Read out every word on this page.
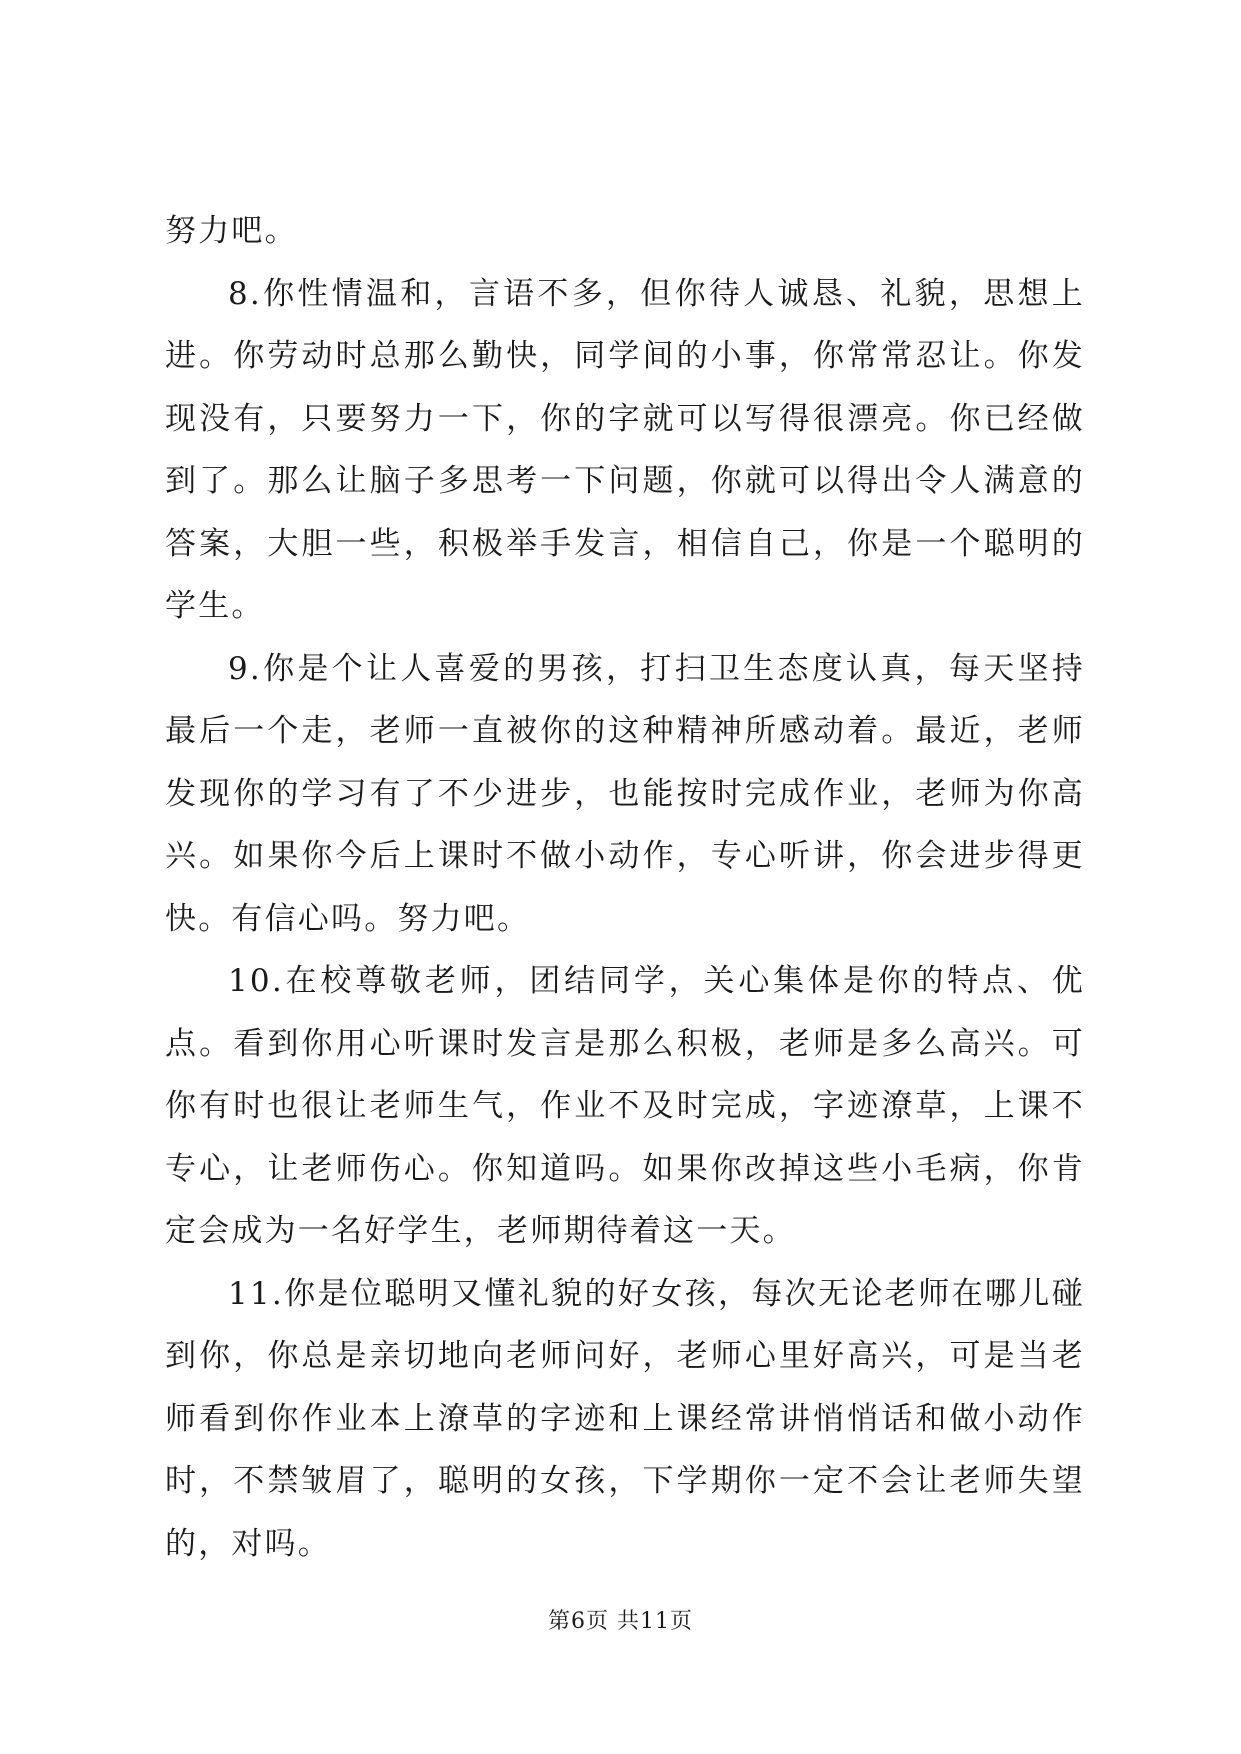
努力吧。

8.你性情温和，言语不多，但你待人诚恳、礼貌，思想上进。你劳动时总那么勤快，同学间的小事，你常常忍让。你发现没有，只要努力一下，你的字就可以写得很漂亮。你已经做到了。那么让脑子多思考一下问题，你就可以得出令人满意的答案，大胆一些，积极举手发言，相信自己，你是一个聪明的学生。

9.你是个让人喜爱的男孩，打扫卫生态度认真，每天坚持最后一个走，老师一直被你的这种精神所感动着。最近，老师发现你的学习有了不少进步，也能按时完成作业，老师为你高兴。如果你今后上课时不做小动作，专心听讲，你会进步得更快。有信心吗。努力吧。

10.在校尊敬老师，团结同学，关心集体是你的特点、优点。看到你用心听课时发言是那么积极，老师是多么高兴。可你有时也很让老师生气，作业不及时完成，字迹潦草，上课不专心，让老师伤心。你知道吗。如果你改掉这些小毛病，你肯定会成为一名好学生，老师期待着这一天。

11.你是位聪明又懂礼貌的好女孩，每次无论老师在哪儿碰到你，你总是亲切地向老师问好，老师心里好高兴，可是当老师看到你作业本上潦草的字迹和上课经常讲悄悄话和做小动作时，不禁皱眉了，聪明的女孩，下学期你一定不会让老师失望的，对吗。

第6页 共11页
